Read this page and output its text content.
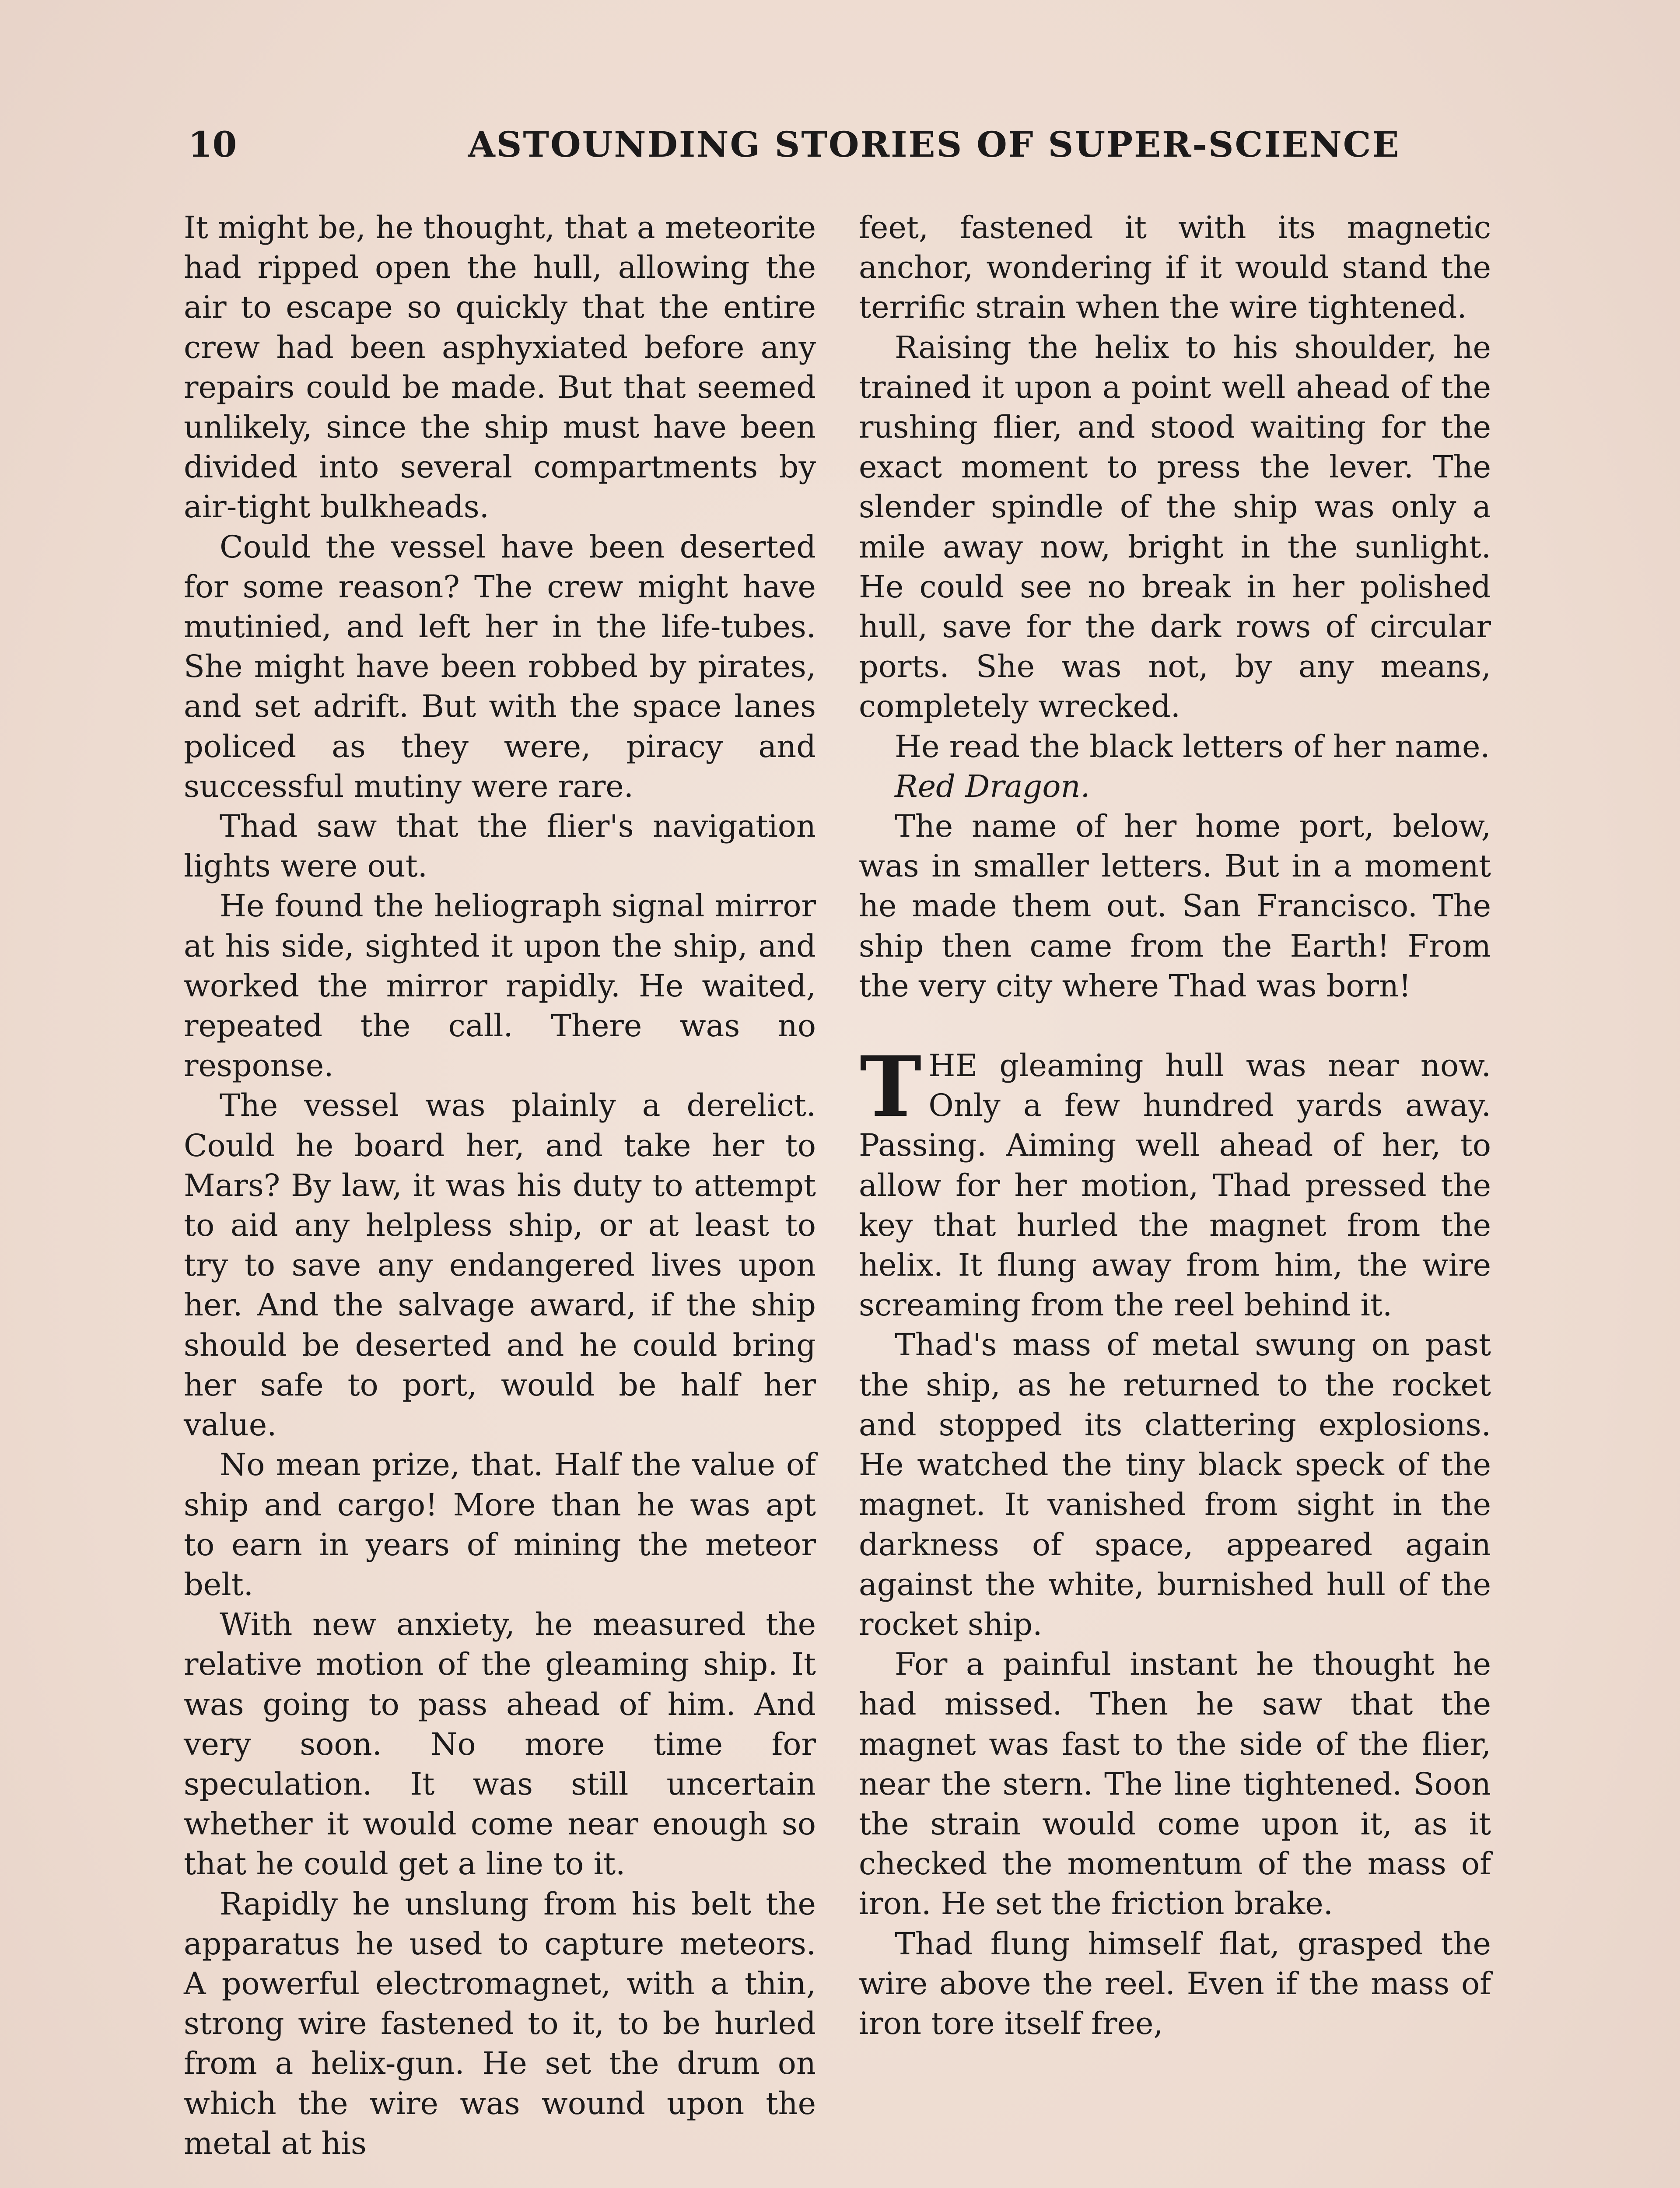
10	ASTOUNDING STORIES OF SUPER-SCIENCE

It might be, he thought, that a meteorite had ripped open the hull, allowing the air to escape so quickly that the entire crew had been asphyxiated before any repairs could be made. But that seemed unlikely, since the ship must have been divided into several compartments by air-tight bulkheads.

Could the vessel have been deserted for some reason? The crew might have mutinied, and left her in the life-tubes. She might have been robbed by pirates, and set adrift. But with the space lanes policed as they were, piracy and successful mutiny were rare.

Thad saw that the flier's navigation lights were out.

He found the heliograph signal mirror at his side, sighted it upon the ship, and worked the mirror rapidly. He waited, repeated the call. There was no response.

The vessel was plainly a derelict. Could he board her, and take her to Mars? By law, it was his duty to attempt to aid any helpless ship, or at least to try to save any endangered lives upon her. And the salvage award, if the ship should be deserted and he could bring her safe to port, would be half her value.

No mean prize, that. Half the value of ship and cargo! More than he was apt to earn in years of mining the meteor belt.

With new anxiety, he measured the relative motion of the gleaming ship. It was going to pass ahead of him. And very soon. No more time for speculation. It was still uncertain whether it would come near enough so that he could get a line to it.

Rapidly he unslung from his belt the apparatus he used to capture meteors. A powerful electromagnet, with a thin, strong wire fastened to it, to be hurled from a helix-gun. He set the drum on which the wire was wound upon the metal at his

feet, fastened it with its magnetic anchor, wondering if it would stand the terrific strain when the wire tightened.

Raising the helix to his shoulder, he trained it upon a point well ahead of the rushing flier, and stood waiting for the exact moment to press the lever. The slender spindle of the ship was only a mile away now, bright in the sunlight. He could see no break in her polished hull, save for the dark rows of circular ports. She was not, by any means, completely wrecked.

He read the black letters of her name.

Red Dragon.

The name of her home port, below, was in smaller letters. But in a moment he made them out. San Francisco. The ship then came from the Earth! From the very city where Thad was born!

THE gleaming hull was near now. Only a few hundred yards away. Passing. Aiming well ahead of her, to allow for her motion, Thad pressed the key that hurled the magnet from the helix. It flung away from him, the wire screaming from the reel behind it.

Thad's mass of metal swung on past the ship, as he returned to the rocket and stopped its clattering explosions. He watched the tiny black speck of the magnet. It vanished from sight in the darkness of space, appeared again against the white, burnished hull of the rocket ship.

For a painful instant he thought he had missed. Then he saw that the magnet was fast to the side of the flier, near the stern. The line tightened. Soon the strain would come upon it, as it checked the momentum of the mass of iron. He set the friction brake.

Thad flung himself flat, grasped the wire above the reel. Even if the mass of iron tore itself free,
